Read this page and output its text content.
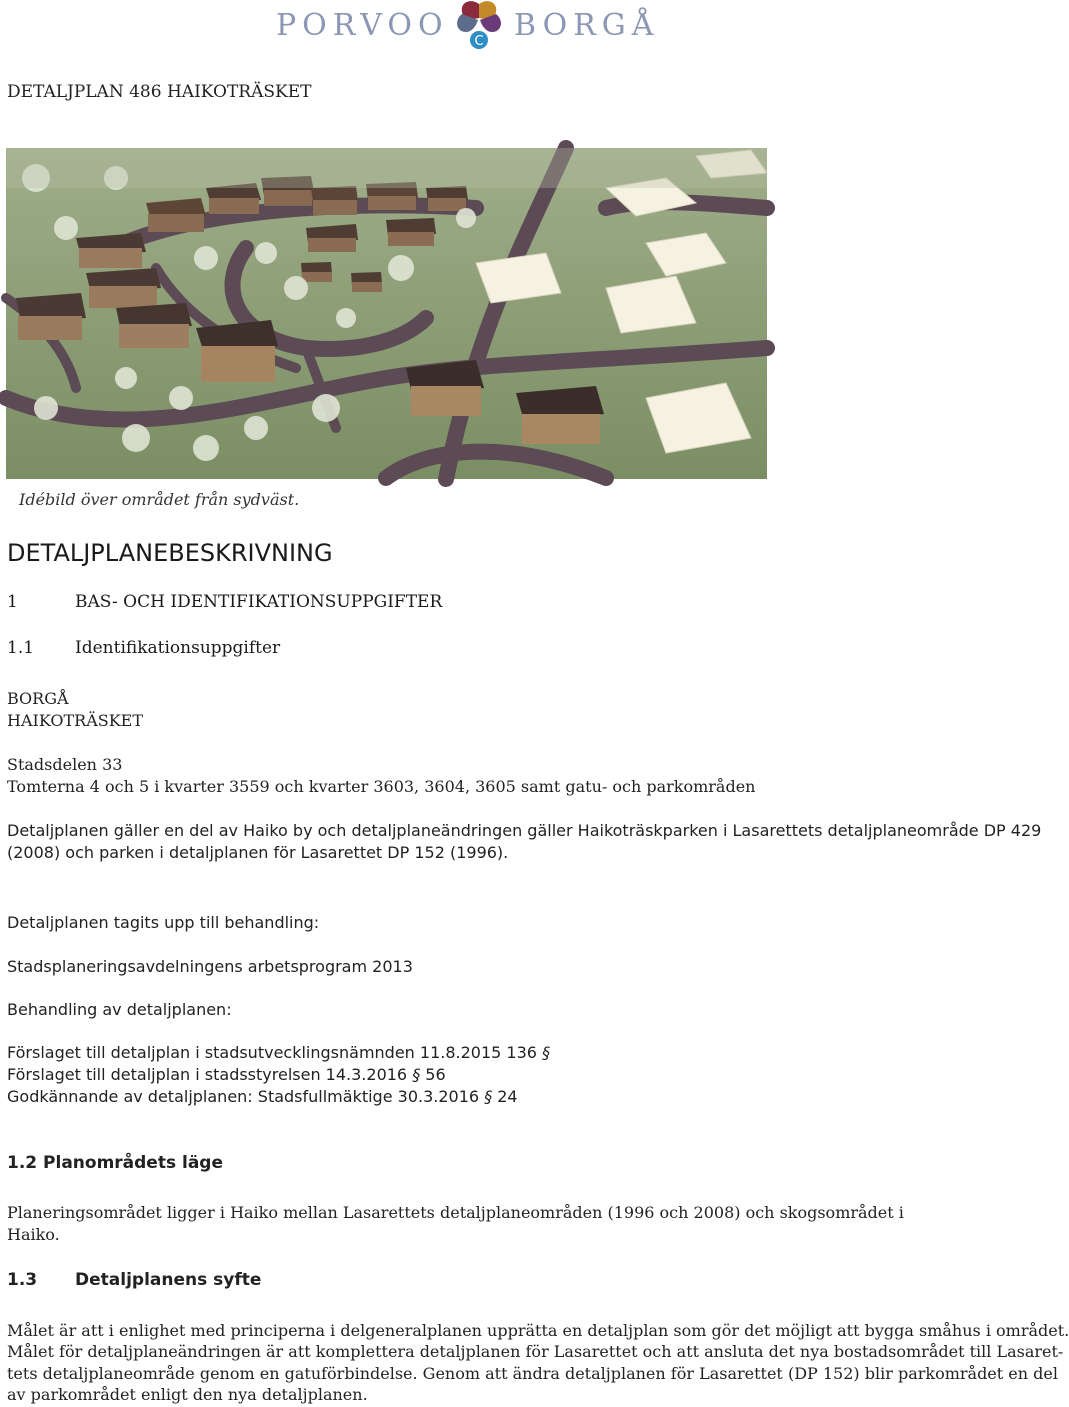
PORVOO C BORGÅ
DETALJPLAN 486 HAIKOTRÄSKET
Idébild över området från sydväst.
DETALJPLANEBESKRIVNING
1	BAS- OCH IDENTIFIKATIONSUPPGIFTER
1.1 Identifikationsuppgifter
BORGÅ
HAIKOTRÄSKET
Stadsdelen 33
Tomterna 4 och 5 i kvarter 3559 och kvarter 3603, 3604, 3605 samt gatu- och parkområden
Detaljplanen gäller en del av Haiko by och detaljplaneändringen gäller Haikoträskparken i Lasarettets detaljplaneområde DP 429
(2008) och parken i detaljplanen för Lasarettet DP 152 (1996).
Detaljplanen tagits upp till behandling:
Stadsplaneringsavdelningens arbetsprogram 2013
Behandling av detaljplanen:
Förslaget till detaljplan i stadsutvecklingsnämnden 11.8.2015 136 §
Förslaget till detaljplan i stadsstyrelsen 14.3.2016 § 56
Godkännande av detaljplanen: Stadsfullmäktige 30.3.2016 § 24
1.2 Planområdets läge
Planeringsområdet ligger i Haiko mellan Lasarettets detaljplaneområden (1996 och 2008) och skogsområdet i Haiko.
1.3 Detaljplanens syfte
Målet är att i enlighet med principerna i delgeneralplanen upprätta en detaljplan som gör det möjligt att bygga småhus i området.
Målet för detaljplaneändringen är att komplettera detaljplanen för Lasarettet och att ansluta det nya bostadsområdet till Lasaret-
tets detaljplaneområde genom en gatuförbindelse. Genom att ändra detaljplanen för Lasarettet (DP 152) blir parkområdet en del
av parkområdet enligt den nya detaljplanen.
